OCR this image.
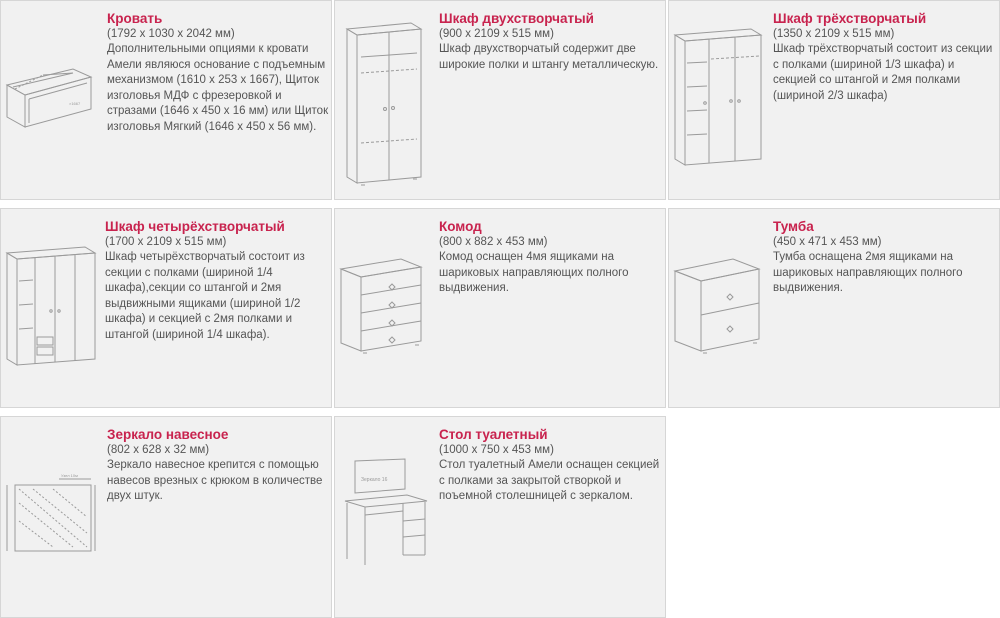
×1667
Кровать
(1792 х 1030 х 2042 мм)
Дополнительными опциями к кровати Амели являюся основание с подъемным механизмом (1610 х 253 х 1667), Щиток изголовья МДФ с фрезеровкой и стразами (1646 х 450 х 16 мм) или Щиток изголовья Мягкий (1646 х 450 х 56 мм).
Шкаф двухстворчатый
(900 х 2109 х 515 мм)
Шкаф двухстворчатый содержит две широкие полки и штангу металлическую.
Шкаф трёхстворчатый
(1350 х 2109 х 515 мм)
Шкаф трёхстворчатый состоит из секции с полками (шириной 1/3 шкафа) и секцией со штангой и 2мя полками (шириной 2/3 шкафа)
Шкаф четырёхстворчатый
(1700 х 2109 х 515 мм)
Шкаф четырёхстворчатый состоит из секции с полками (шириной 1/4 шкафа),секции со штангой и 2мя выдвижными ящиками (шириной 1/2 шкафа) и секцией с 2мя полками и штангой (шириной 1/4 шкафа).
Комод
(800 х 882 х 453 мм)
Комод оснащен 4мя ящиками на шариковых направляющих полного выдвижения.
Тумба
(450 х 471 х 453 мм)
Тумба оснащена 2мя ящиками на шариковых направляющих полного выдвижения.
Узел 10м
Зеркало навесное
(802 х 628 х 32 мм)
Зеркало навесное крепится с помощью навесов врезных с крюком в количестве двух штук.
Зеркало 16
Стол туалетный
(1000 х 750 х 453 мм)
Стол туалетный Амели оснащен секцией с полками за закрытой створкой и поъемной столешницей с зеркалом.
